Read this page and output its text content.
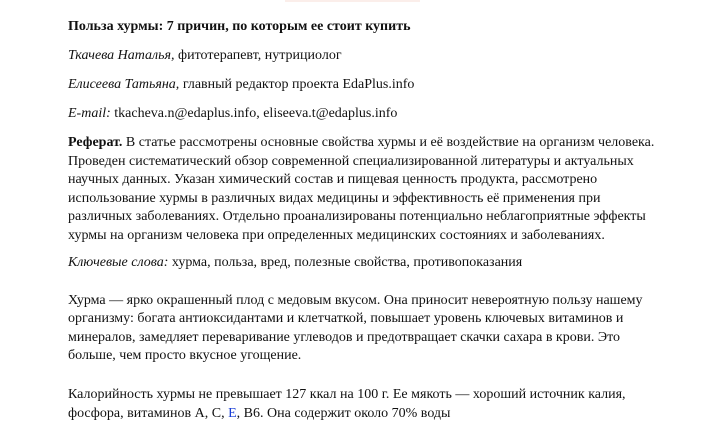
Польза хурмы: 7 причин, по которым ее стоит купить
Ткачева Наталья, фитотерапевт, нутрициолог
Елисеева Татьяна, главный редактор проекта EdaPlus.info
E-mail: tkacheva.n@edaplus.info, eliseeva.t@edaplus.info
Реферат. В статье рассмотрены основные свойства хурмы и её воздействие на организм человека. Проведен систематический обзор современной специализированной литературы и актуальных научных данных. Указан химический состав и пищевая ценность продукта, рассмотрено использование хурмы в различных видах медицины и эффективность её применения при различных заболеваниях. Отдельно проанализированы потенциально неблагоприятные эффекты хурмы на организм человека при определенных медицинских состояниях и заболеваниях.
Ключевые слова: хурма, польза, вред, полезные свойства, противопоказания
Хурма — ярко окрашенный плод с медовым вкусом. Она приносит невероятную пользу нашему организму: богата антиоксидантами и клетчаткой, повышает уровень ключевых витаминов и минералов, замедляет переваривание углеводов и предотвращает скачки сахара в крови. Это больше, чем просто вкусное угощение.
Калорийность хурмы не превышает 127 ккал на 100 г. Ее мякоть — хороший источник калия,
фосфора, витаминов А, С, Е, В6. Она содержит около 70% воды
